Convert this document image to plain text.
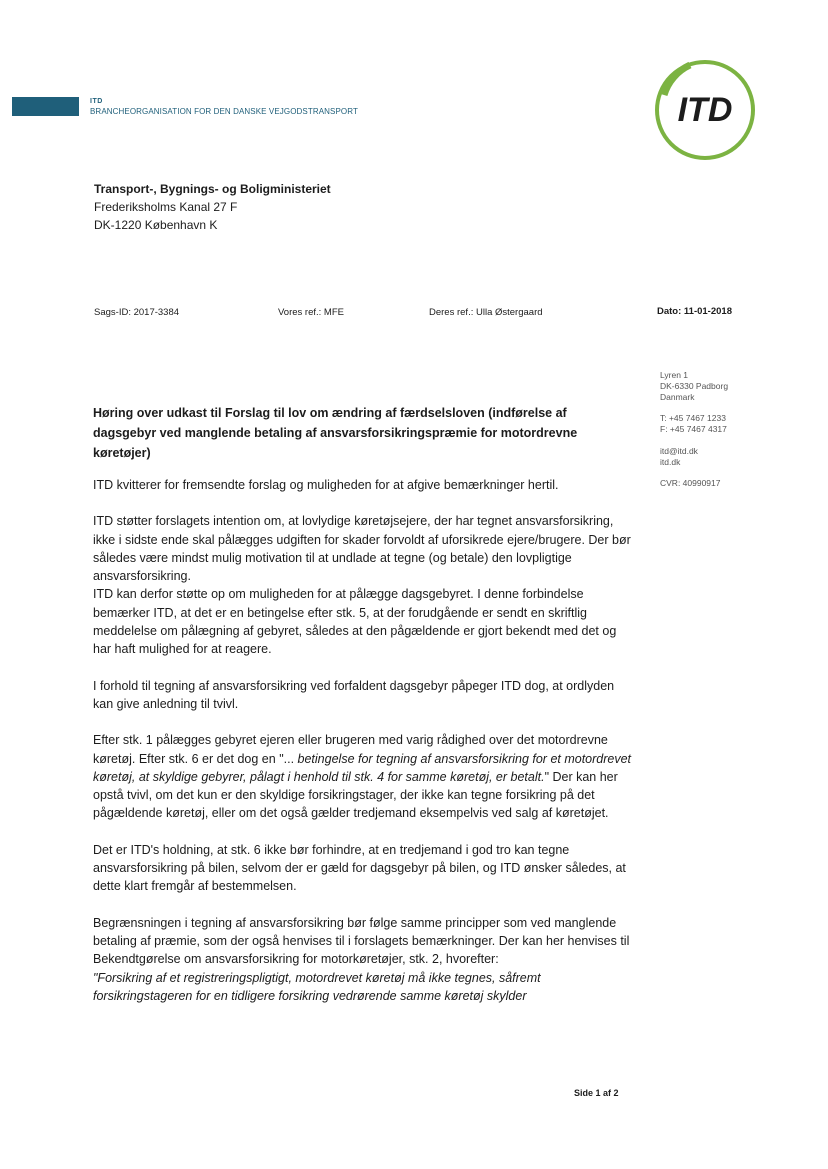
ITD
BRANCHEORGANISATION FOR DEN DANSKE VEJGODSTRANSPORT	ITD
Transport-, Bygnings- og Boligministeriet
Frederiksholms Kanal 27 F
DK-1220 København K
Sags-ID: 2017-3384	Vores ref.: MFE	Deres ref.: Ulla Østergaard	Dato: 11-01-2018
Lyren 1
DK-6330 Padborg
Danmark
T: +45 7467 1233
F: +45 7467 4317
itd@itd.dk
itd.dk
CVR: 40990917
Høring over udkast til Forslag til lov om ændring af færdselsloven (indførelse af dagsgebyr ved manglende betaling af ansvarsforsikringspræmie for motordrevne køretøjer)

ITD kvitterer for fremsendte forslag og muligheden for at afgive bemærkninger hertil.

ITD støtter forslagets intention om, at lovlydige køretøjsejere, der har tegnet ansvarsforsikring, ikke i sidste ende skal pålægges udgiften for skader forvoldt af uforsikrede ejere/brugere. Der bør således være mindst mulig motivation til at undlade at tegne (og betale) den lovpligtige ansvarsforsikring.

ITD kan derfor støtte op om muligheden for at pålægge dagsgebyret. I denne forbindelse bemærker ITD, at det er en betingelse efter stk. 5, at der forudgående er sendt en skriftlig meddelelse om pålægning af gebyret, således at den pågældende er gjort bekendt med det og har haft mulighed for at reagere.

I forhold til tegning af ansvarsforsikring ved forfaldent dagsgebyr påpeger ITD dog, at ordlyden kan give anledning til tvivl.

Efter stk. 1 pålægges gebyret ejeren eller brugeren med varig rådighed over det motordrevne køretøj. Efter stk. 6 er det dog en "... betingelse for tegning af ansvarsforsikring for et motordrevet køretøj, at skyldige gebyrer, pålagt i henhold til stk. 4 for samme køretøj, er betalt." Der kan her opstå tvivl, om det kun er den skyldige forsikringstager, der ikke kan tegne forsikring på det pågældende køretøj, eller om det også gælder tredjemand eksempelvis ved salg af køretøjet.

Det er ITD's holdning, at stk. 6 ikke bør forhindre, at en tredjemand i god tro kan tegne ansvarsforsikring på bilen, selvom der er gæld for dagsgebyr på bilen, og ITD ønsker således, at dette klart fremgår af bestemmelsen.

Begrænsningen i tegning af ansvarsforsikring bør følge samme principper som ved manglende betaling af præmie, som der også henvises til i forslagets bemærkninger. Der kan her henvises til Bekendtgørelse om ansvarsforsikring for motorkøretøjer, stk. 2, hvorefter:

"Forsikring af et registreringspligtigt, motordrevet køretøj må ikke tegnes, såfremt forsikringstageren for en tidligere forsikring vedrørende samme køretøj skylder

Side 1 af 2
